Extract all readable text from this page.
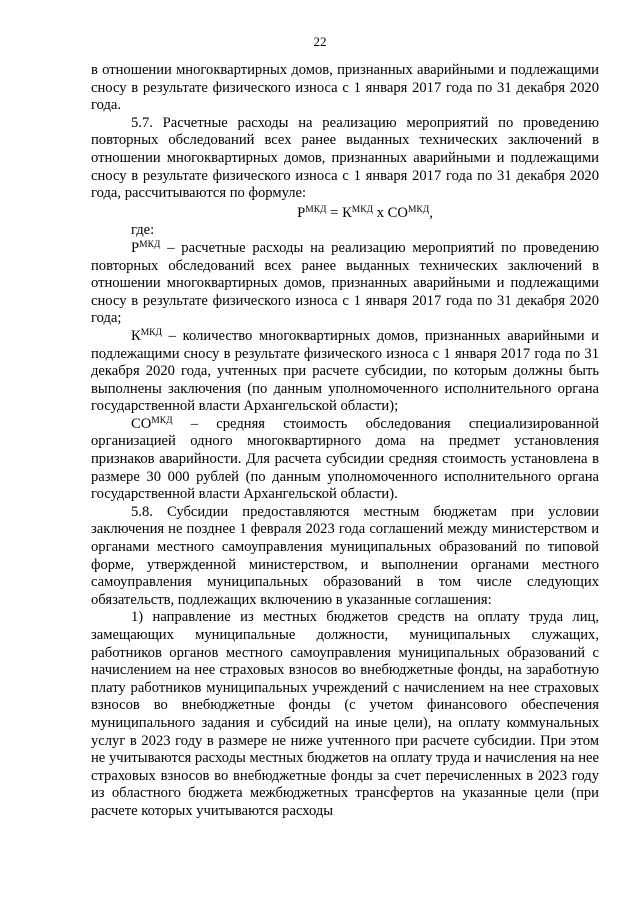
22

в отношении многоквартирных домов, признанных аварийными и подлежащими сносу в результате физического износа с 1 января 2017 года по 31 декабря 2020 года.

5.7. Расчетные расходы на реализацию мероприятий по проведению повторных обследований всех ранее выданных технических заключений в отношении многоквартирных домов, признанных аварийными и подлежащими сносу в результате физического износа с 1 января 2017 года по 31 декабря 2020 года, рассчитываются по формуле:

$Р^{МКД} = К^{МКД}$ х $СО^{МКД}$,

где:

$Р^{МКД}$ – расчетные расходы на реализацию мероприятий по проведению повторных обследований всех ранее выданных технических заключений в отношении многоквартирных домов, признанных аварийными и подлежащими сносу в результате физического износа с 1 января 2017 года по 31 декабря 2020 года;

$К^{МКД}$ – количество многоквартирных домов, признанных аварийными и подлежащими сносу в результате физического износа с 1 января 2017 года по 31 декабря 2020 года, учтенных при расчете субсидии, по которым должны быть выполнены заключения (по данным уполномоченного исполнительного органа государственной власти Архангельской области);

$СО^{МКД}$ – средняя стоимость обследования специализированной организацией одного многоквартирного дома на предмет установления признаков аварийности. Для расчета субсидии средняя стоимость установлена в размере 30 000 рублей (по данным уполномоченного исполнительного органа государственной власти Архангельской области).

5.8. Субсидии предоставляются местным бюджетам при условии заключения не позднее 1 февраля 2023 года соглашений между министерством и органами местного самоуправления муниципальных образований по типовой форме, утвержденной министерством, и выполнении органами местного самоуправления муниципальных образований в том числе следующих обязательств, подлежащих включению в указанные соглашения:

1) направление из местных бюджетов средств на оплату труда лиц, замещающих муниципальные должности, муниципальных служащих, работников органов местного самоуправления муниципальных образований с начислением на нее страховых взносов во внебюджетные фонды, на заработную плату работников муниципальных учреждений с начислением на нее страховых взносов во внебюджетные фонды (с учетом финансового обеспечения муниципального задания и субсидий на иные цели), на оплату коммунальных услуг в 2023 году в размере не ниже учтенного при расчете субсидии. При этом не учитываются расходы местных бюджетов на оплату труда и начисления на нее страховых взносов во внебюджетные фонды за счет перечисленных в 2023 году из областного бюджета межбюджетных трансфертов на указанные цели (при расчете которых учитываются расходы
